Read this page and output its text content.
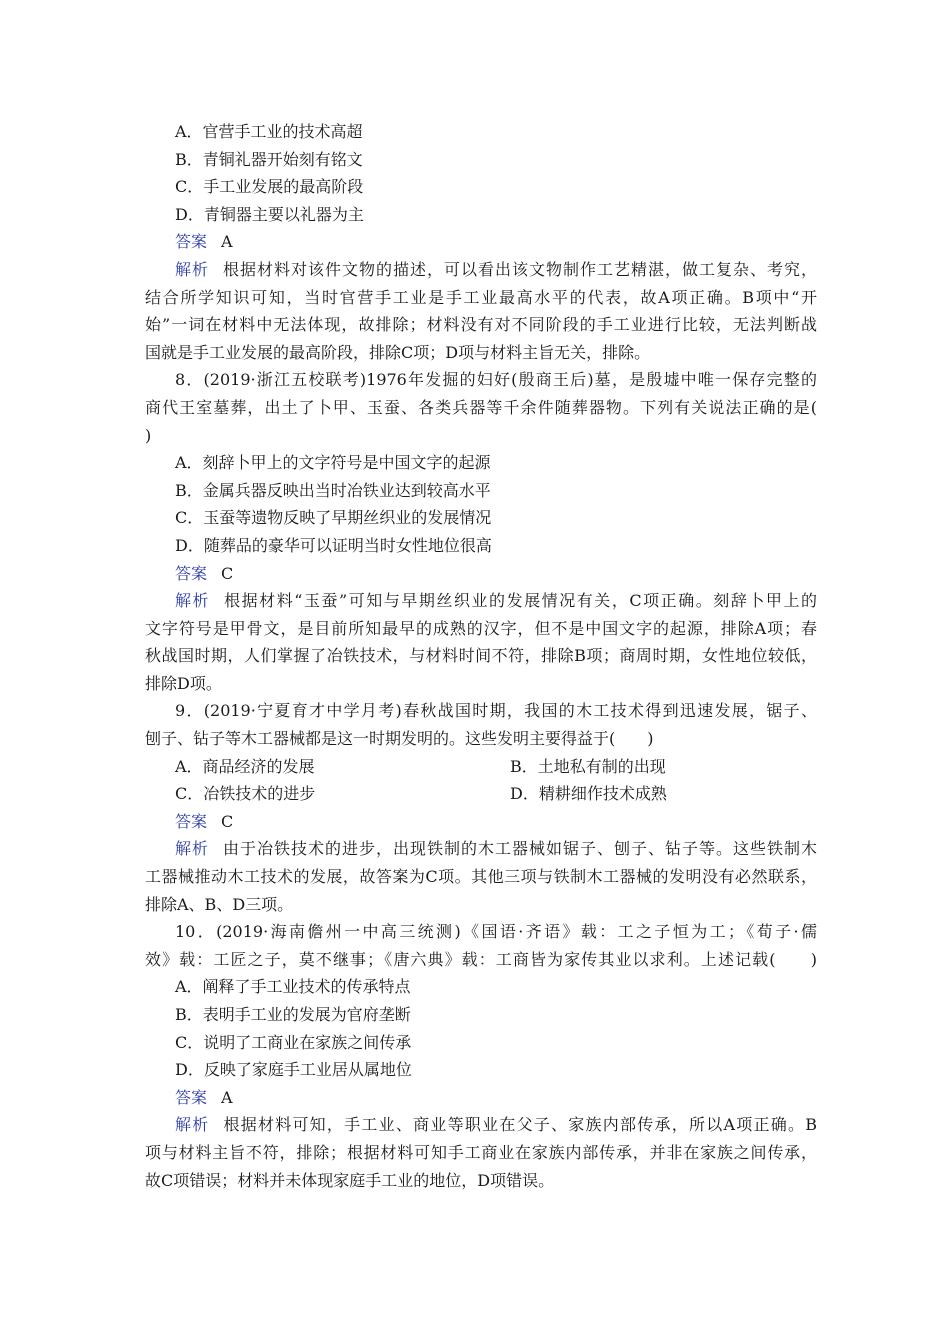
A．官营手工业的技术高超
B．青铜礼器开始刻有铭文
C．手工业发展的最高阶段
D．青铜器主要以礼器为主
答案 A
解析 根据材料对该件文物的描述，可以看出该文物制作工艺精湛，做工复杂、考究，
结合所学知识可知，当时官营手工业是手工业最高水平的代表，故A项正确。B项中“开
始”一词在材料中无法体现，故排除；材料没有对不同阶段的手工业进行比较，无法判断战
国就是手工业发展的最高阶段，排除C项；D项与材料主旨无关，排除。
8．(2019·浙江五校联考)1976年发掘的妇好(殷商王后)墓，是殷墟中唯一保存完整的
商代王室墓葬，出土了卜甲、玉蚕、各类兵器等千余件随葬器物。下列有关说法正确的是(
)
A．刻辞卜甲上的文字符号是中国文字的起源
B．金属兵器反映出当时冶铁业达到较高水平
C．玉蚕等遗物反映了早期丝织业的发展情况
D．随葬品的豪华可以证明当时女性地位很高
答案 C
解析 根据材料“玉蚕”可知与早期丝织业的发展情况有关，C项正确。刻辞卜甲上的
文字符号是甲骨文，是目前所知最早的成熟的汉字，但不是中国文字的起源，排除A项；春
秋战国时期，人们掌握了冶铁技术，与材料时间不符，排除B项；商周时期，女性地位较低，
排除D项。
9．(2019·宁夏育才中学月考)春秋战国时期，我国的木工技术得到迅速发展，锯子、
刨子、钻子等木工器械都是这一时期发明的。这些发明主要得益于(　　)
A．商品经济的发展	B．土地私有制的出现
C．冶铁技术的进步	D．精耕细作技术成熟
答案 C
解析 由于冶铁技术的进步，出现铁制的木工器械如锯子、刨子、钻子等。这些铁制木
工器械推动木工技术的发展，故答案为C项。其他三项与铁制木工器械的发明没有必然联系，
排除A、B、D三项。
10．(2019·海南儋州一中高三统测)《国语·齐语》载：工之子恒为工；《荀子·儒
效》载：工匠之子，莫不继事；《唐六典》载：工商皆为家传其业以求利。上述记载(　　)
A．阐释了手工业技术的传承特点
B．表明手工业的发展为官府垄断
C．说明了工商业在家族之间传承
D．反映了家庭手工业居从属地位
答案 A
解析 根据材料可知，手工业、商业等职业在父子、家族内部传承，所以A项正确。B
项与材料主旨不符，排除；根据材料可知手工商业在家族内部传承，并非在家族之间传承，
故C项错误；材料并未体现家庭手工业的地位，D项错误。
